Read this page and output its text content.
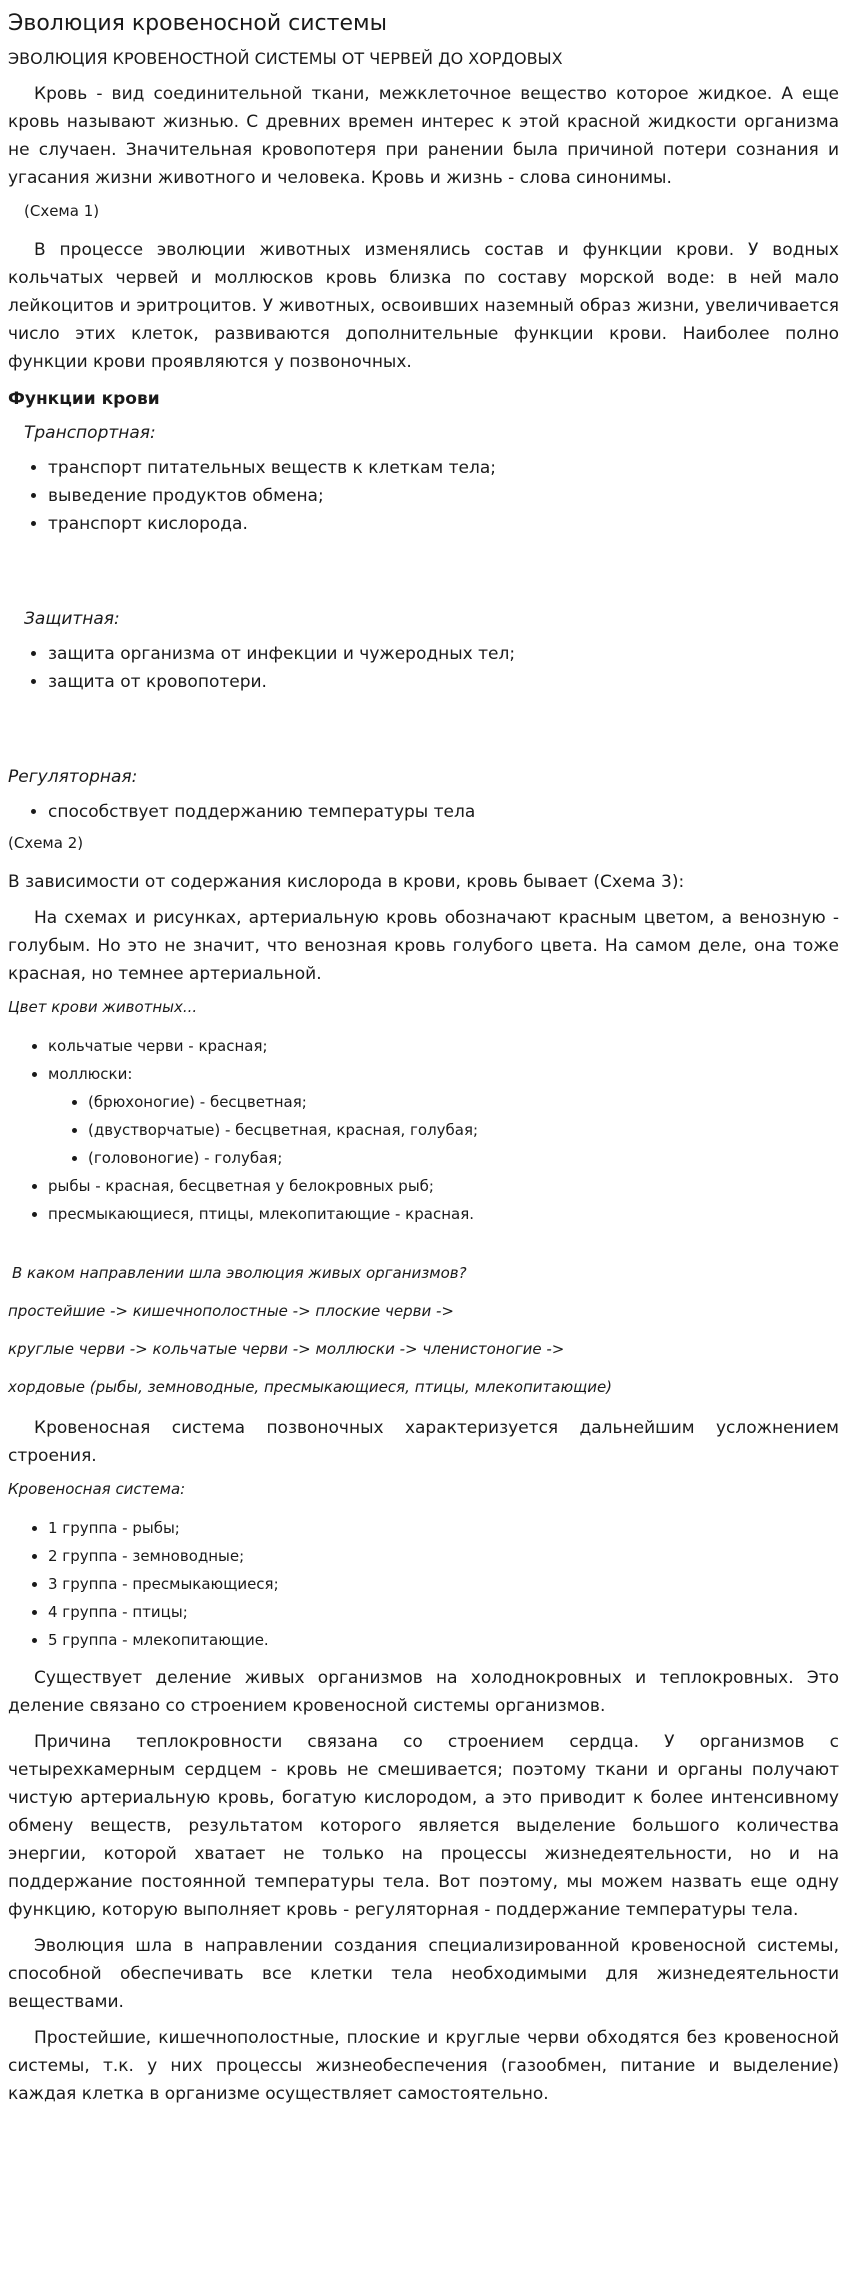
Эволюция кровеносной системы

ЭВОЛЮЦИЯ КРОВЕНОСТНОЙ СИСТЕМЫ ОТ ЧЕРВЕЙ ДО ХОРДОВЫХ

Кровь - вид соединительной ткани, межклеточное вещество которое жидкое. А еще кровь называют жизнью. С древних времен интерес к этой красной жидкости организма не случаен. Значительная кровопотеря при ранении была причиной потери сознания и угасания жизни животного и человека. Кровь и жизнь - слова синонимы.

(Схема 1)

В процессе эволюции животных изменялись состав и функции крови. У водных кольчатых червей и моллюсков кровь близка по составу морской воде: в ней мало лейкоцитов и эритроцитов. У животных, освоивших наземный образ жизни, увеличивается число этих клеток, развиваются дополнительные функции крови. Наиболее полно функции крови проявляются у позвоночных.

Функции крови

Транспортная:

• транспорт питательных веществ к клеткам тела;
• выведение продуктов обмена;
• транспорт кислорода.

Защитная:

• защита организма от инфекции и чужеродных тел;
• защита от кровопотери.

Регуляторная:

• способствует поддержанию температуры тела

(Схема 2)

В зависимости от содержания кислорода в крови, кровь бывает (Схема 3):

На схемах и рисунках, артериальную кровь обозначают красным цветом, а венозную - голубым. Но это не значит, что венозная кровь голубого цвета. На самом деле, она тоже красная, но темнее артериальной.

Цвет крови животных...

• кольчатые черви - красная;
• моллюски:
• (брюхоногие) - бесцветная;
• (двустворчатые) - бесцветная, красная, голубая;
• (головоногие) - голубая;
• рыбы - красная, бесцветная у белокровных рыб;
• пресмыкающиеся, птицы, млекопитающие - красная.

В каком направлении шла эволюция живых организмов?

простейшие -> кишечнополостные -> плоские черви ->

круглые черви -> кольчатые черви -> моллюски -> членистоногие ->

хордовые (рыбы, земноводные, пресмыкающиеся, птицы, млекопитающие)

Кровеносная система позвоночных характеризуется дальнейшим усложнением строения.

Кровеносная система:

• 1 группа - рыбы;
• 2 группа - земноводные;
• 3 группа - пресмыкающиеся;
• 4 группа - птицы;
• 5 группа - млекопитающие.

Существует деление живых организмов на холоднокровных и теплокровных. Это деление связано со строением кровеносной системы организмов.

Причина теплокровности связана со строением сердца. У организмов с четырехкамерным сердцем - кровь не смешивается; поэтому ткани и органы получают чистую артериальную кровь, богатую кислородом, а это приводит к более интенсивному обмену веществ, результатом которого является выделение большого количества энергии, которой хватает не только на процессы жизнедеятельности, но и на поддержание постоянной температуры тела. Вот поэтому, мы можем назвать еще одну функцию, которую выполняет кровь - регуляторная - поддержание температуры тела.

Эволюция шла в направлении создания специализированной кровеносной системы, способной обеспечивать все клетки тела необходимыми для жизнедеятельности веществами.

Простейшие, кишечнополостные, плоские и круглые черви обходятся без кровеносной системы, т.к. у них процессы жизнеобеспечения (газообмен, питание и выделение) каждая клетка в организме осуществляет самостоятельно.
